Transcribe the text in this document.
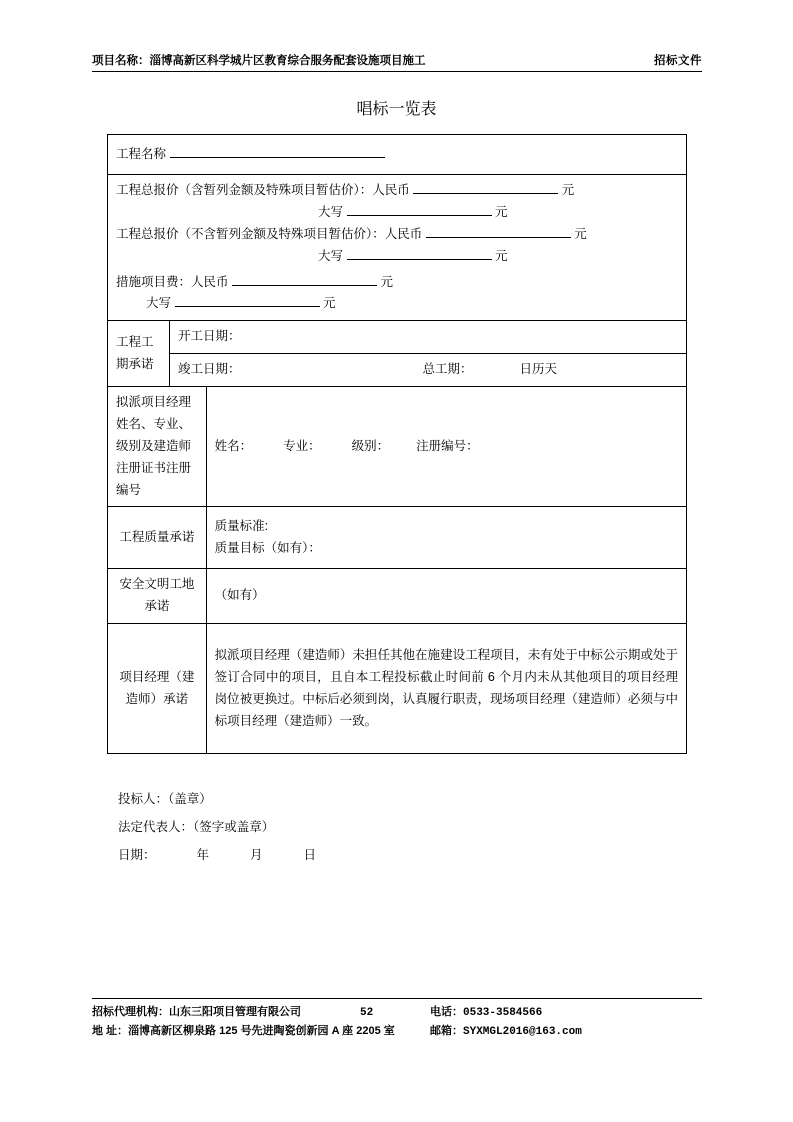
项目名称：淄博高新区科学城片区教育综合服务配套设施项目施工	招标文件
唱标一览表
工程名称		

工程总报价（含暂列金额及特殊项目暂估价）：人民币	元
大写	元
工程总报价（不含暂列金额及特殊项目暂估价）：人民币	元
大写	元
措施项目费：人民币	元
大写	元

工程工
期承诺	开工日期：	
	竣工日期： 总工期： 日历天	
拟派项目经理姓名、专业、级别及建造师注册证书注册编号		姓名： 专业： 级别： 注册编号：
工程质量承诺		质量标准:
质量目标（如有）：

安全文明工地承诺		（如有）
项目经理（建造师）承诺		拟派项目经理（建造师）未担任其他在施建设工程项目，未有处于中标公示期或处于签订合同中的项目，且自本工程投标截止时间前 6 个月内未从其他项目的项目经理岗位被更换过。中标后必须到岗，认真履行职责，现场项目经理（建造师）必须与中标项目经理（建造师）一致。
投标人：（盖章）
法定代表人：（签字或盖章）
日期：	年	月	日
招标代理机构：山东三阳项目管理有限公司	52	电话：0533-3584566
地 址：淄博高新区柳泉路 125 号先进陶瓷创新园 A 座 2205 室	邮箱：SYXMGL2016@163.com
